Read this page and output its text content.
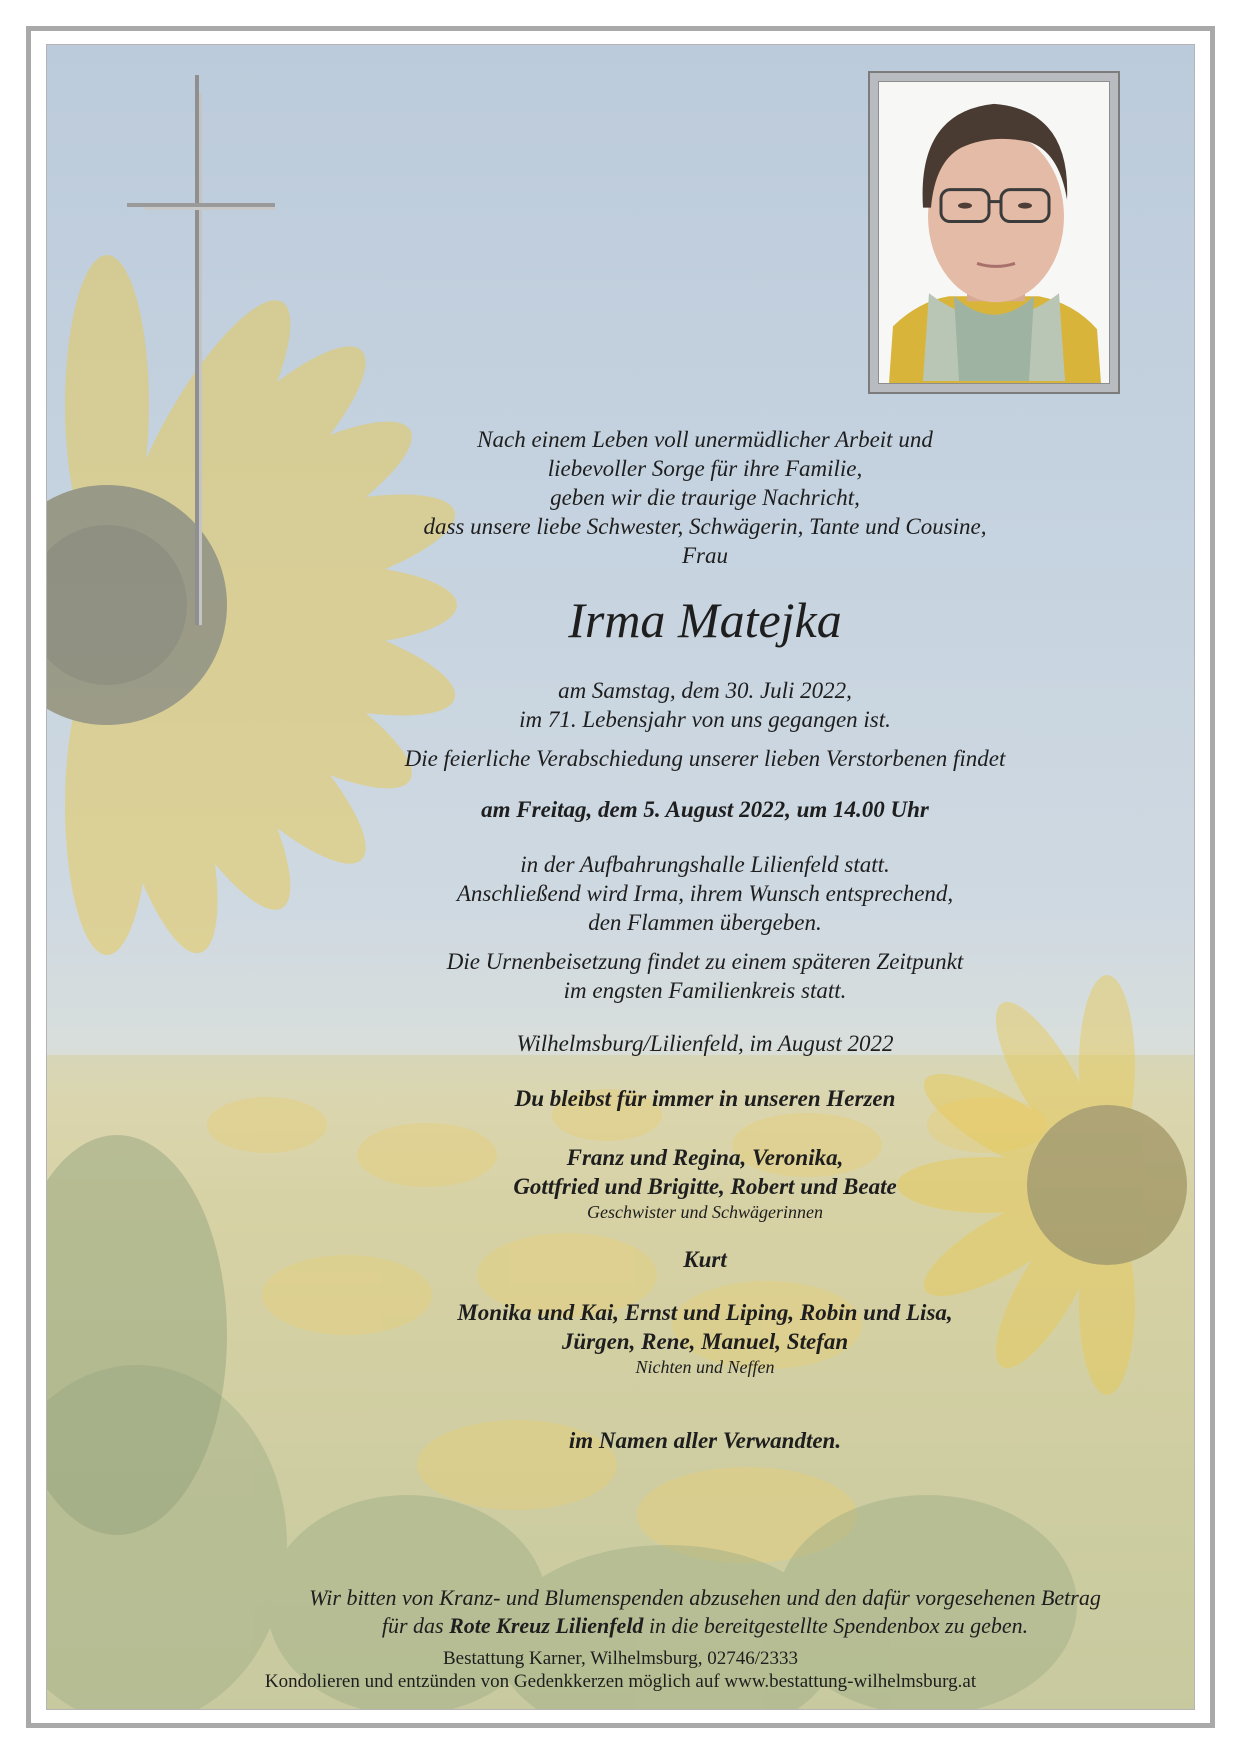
Nach einem Leben voll unermüdlicher Arbeit und

liebevoller Sorge für ihre Familie,

geben wir die traurige Nachricht,

dass unsere liebe Schwester, Schwägerin, Tante und Cousine,

Frau

Irma Matejka

am Samstag, dem 30. Juli 2022,

im 71. Lebensjahr von uns gegangen ist.

Die feierliche Verabschiedung unserer lieben Verstorbenen findet

am Freitag, dem 5. August 2022, um 14.00 Uhr

in der Aufbahrungshalle Lilienfeld statt.

Anschließend wird Irma, ihrem Wunsch entsprechend,

den Flammen übergeben.

Die Urnenbeisetzung findet zu einem späteren Zeitpunkt

im engsten Familienkreis statt.

Wilhelmsburg/Lilienfeld, im August 2022

Du bleibst für immer in unseren Herzen

Franz und Regina, Veronika,

Gottfried und Brigitte, Robert und Beate

Geschwister und Schwägerinnen

Kurt

Monika und Kai, Ernst und Liping, Robin und Lisa,

Jürgen, Rene, Manuel, Stefan

Nichten und Neffen

im Namen aller Verwandten.

Wir bitten von Kranz- und Blumenspenden abzusehen und den dafür vorgesehenen Betrag

für das Rote Kreuz Lilienfeld in die bereitgestellte Spendenbox zu geben.

Bestattung Karner, Wilhelmsburg, 02746/2333

Kondolieren und entzünden von Gedenkkerzen möglich auf www.bestattung-wilhelmsburg.at
